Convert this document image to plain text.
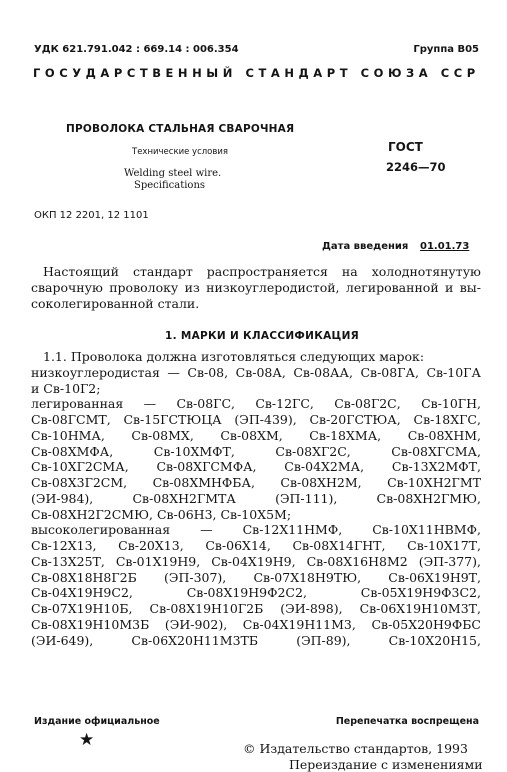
УДК 621.791.042 : 669.14 : 006.354	Группа В05
ГОСУДАРСТВЕННЫЙ СТАНДАРТ СОЮЗА ССР
ПРОВОЛОКА СТАЛЬНАЯ СВАРОЧНАЯ
Технические условия
Welding steel wire.
Specifications
ГОСТ
2246—70
ОКП 12 2201, 12 1101
Дата введения 01.01.73
Настоящий стандарт распространяется на холоднотянутую
сварочную проволоку из низкоуглеродистой, легированной и вы-
соколегированной стали.
1. МАРКИ И КЛАССИФИКАЦИЯ
1.1. Проволока должна изготовляться следующих марок:
низкоуглеродистая — Св-08, Св-08А, Св-08АА, Св-08ГА, Св-10ГА
и Св-10Г2;
легированная — Св-08ГС, Св-12ГС, Св-08Г2С, Св-10ГН,
Св-08ГСМТ, Св-15ГСТЮЦА (ЭП-439), Св-20ГСТЮА, Св-18ХГС,
Св-10НМА, Св-08МХ, Св-08ХМ, Св-18ХМА, Св-08ХНМ,
Св-08ХМФА,	Св-10ХМФТ,	Св-08ХГ2С,	Св-08ХГСМА,
Св-10ХГ2СМА, Св-08ХГСМФА, Св-04Х2МА, Св-13Х2МФТ,
Св-08Х3Г2СМ, Св-08ХМНФБА, Св-08ХН2М, Св-10ХН2ГМТ
(ЭИ-984),	Св-08ХН2ГМТА	(ЭП-111),	Св-08ХН2ГМЮ,
Св-08ХН2Г2СМЮ, Св-06Н3, Св-10Х5М;
высоколегированная — Св-12Х11НМФ, Св-10Х11НВМФ,
Св-12Х13, Св-20Х13, Св-06Х14, Св-08Х14ГНТ, Св-10Х17Т,
Св-13Х25Т, Св-01Х19Н9, Св-04Х19Н9, Св-08Х16Н8М2 (ЭП-377),
Св-08Х18Н8Г2Б (ЭП-307), Св-07Х18Н9ТЮ, Св-06Х19Н9Т,
Св-04Х19Н9С2,	Св-08Х19Н9Ф2С2,	Св-05Х19Н9Ф3С2,
Св-07Х19Н10Б, Св-08Х19Н10Г2Б (ЭИ-898), Св-06Х19Н10М3Т,
Св-08Х19Н10М3Б (ЭИ-902), Св-04Х19Н11М3, Св-05Х20Н9ФБС
(ЭИ-649),	Св-06Х20Н11М3ТБ	(ЭП-89),	Св-10Х20Н15,
Издание официальное	Перепечатка воспрещена
★	© Издательство стандартов, 1993
Переиздание с изменениями
